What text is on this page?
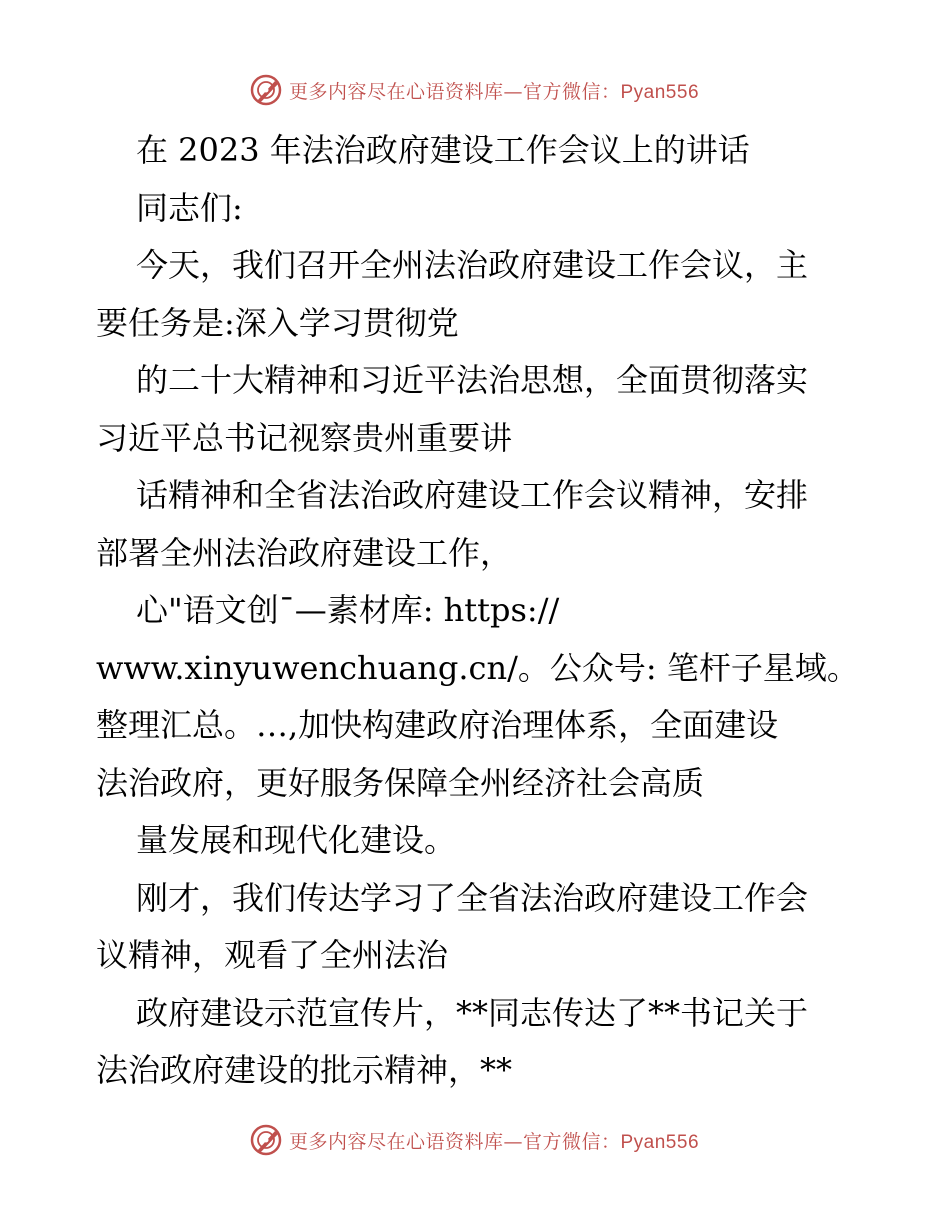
更多内容尽在心语资料库—官方微信：Pyan556
在 2023 年法治政府建设工作会议上的讲话
同志们:
今天，我们召开全州法治政府建设工作会议，主
要任务是:深入学习贯彻党
的二十大精神和习近平法治思想，全面贯彻落实
习近平总书记视察贵州重要讲
话精神和全省法治政府建设工作会议精神，安排
部署全州法治政府建设工作，
心"语文创¯—素材库: https://
www.xinyuwenchuang.cn/。公众号: 笔杆子星域。
整理汇总。…,加快构建政府治理体系，全面建设
法治政府，更好服务保障全州经济社会高质
量发展和现代化建设。
刚才，我们传达学习了全省法治政府建设工作会
议精神，观看了全州法治
政府建设示范宣传片，**同志传达了**书记关于
法治政府建设的批示精神，**
更多内容尽在心语资料库—官方微信：Pyan556
